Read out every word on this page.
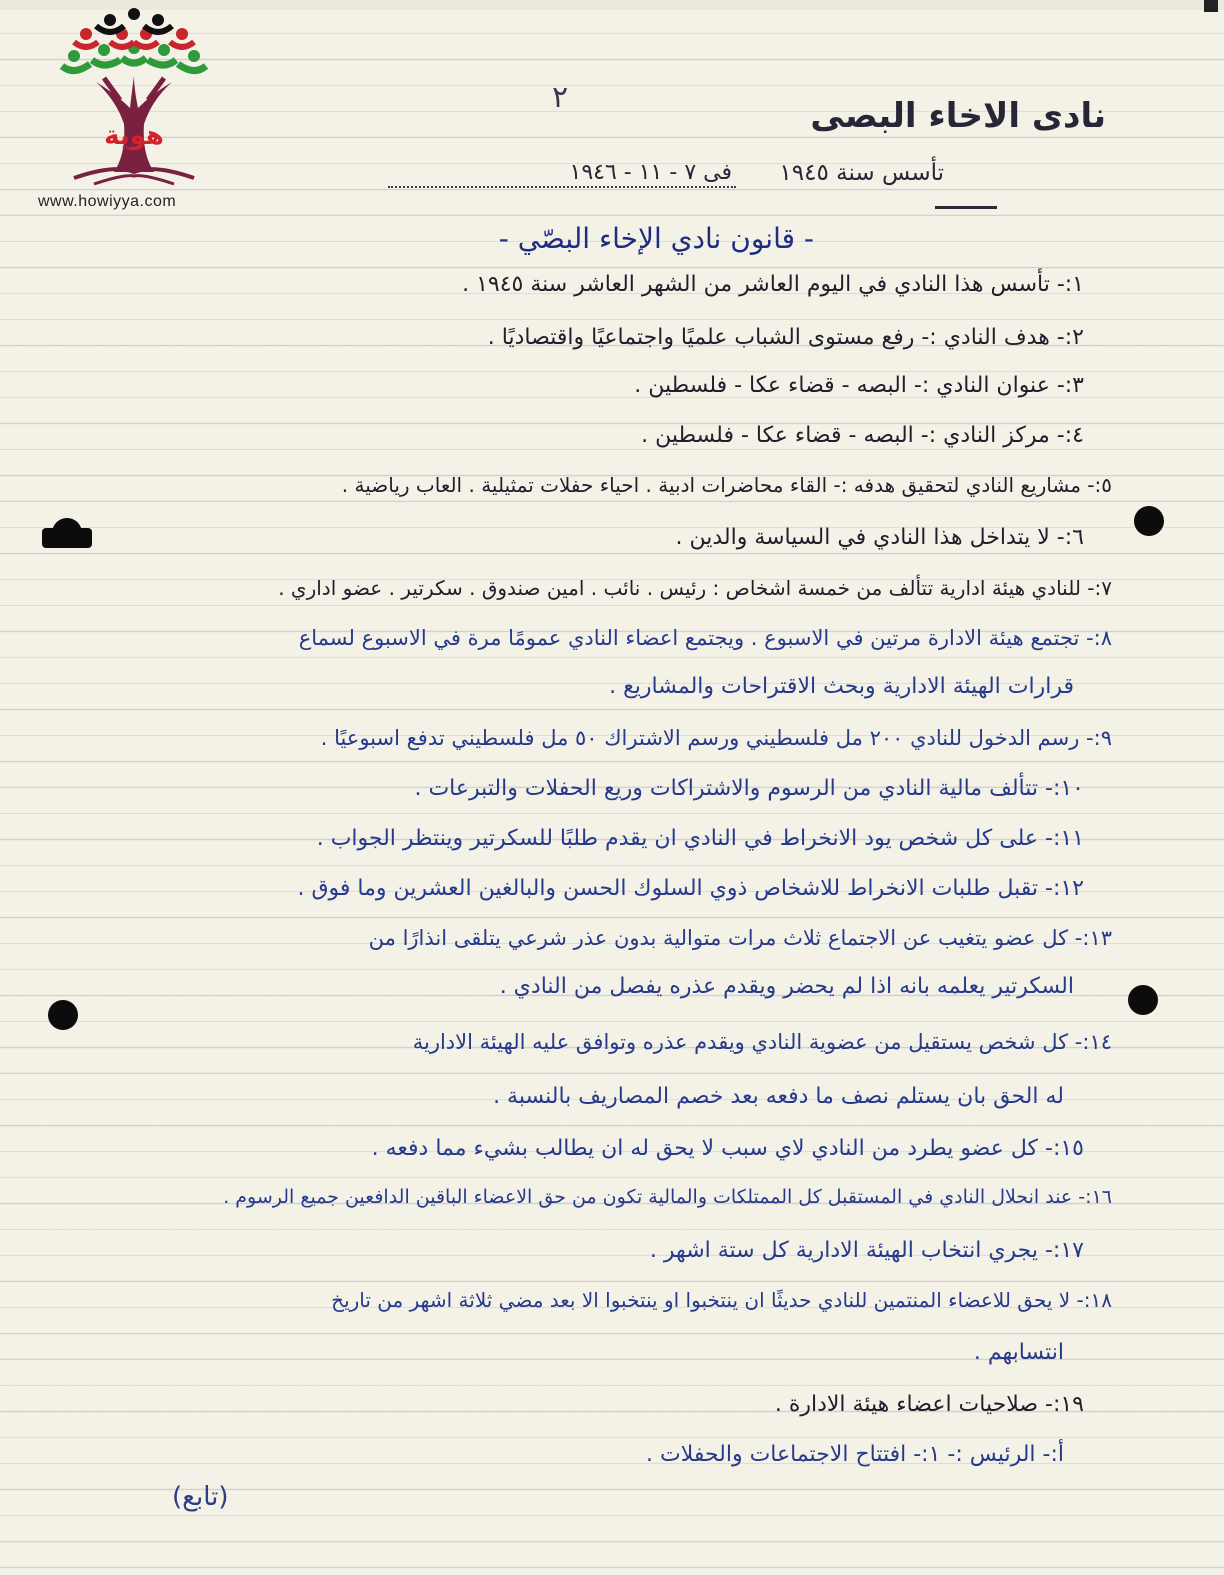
هوية
www.howiyya.com
٢	نادى الاخاء البصى
تأسس سنة ١٩٤٥
فى ٧ - ١١ - ١٩٤٦
- قانون نادي الإخاء البصّي -
١:- تأسس هذا النادي في اليوم العاشر من الشهر العاشر سنة ١٩٤٥ .
٢:- هدف النادي :- رفع مستوى الشباب علميًا واجتماعيًا واقتصاديًا .
٣:- عنوان النادي :- البصه - قضاء عكا - فلسطين .
٤:- مركز النادي :- البصه - قضاء عكا - فلسطين .
٥:- مشاريع النادي لتحقيق هدفه :- القاء محاضرات ادبية . احياء حفلات تمثيلية . العاب رياضية .
٦:- لا يتداخل هذا النادي في السياسة والدين .
٧:- للنادي هيئة ادارية تتألف من خمسة اشخاص : رئيس . نائب . امين صندوق . سكرتير . عضو اداري .
٨:- تجتمع هيئة الادارة مرتين في الاسبوع . ويجتمع اعضاء النادي عمومًا مرة في الاسبوع لسماع
قرارات الهيئة الادارية وبحث الاقتراحات والمشاريع .
٩:- رسم الدخول للنادي ٢٠٠ مل فلسطيني ورسم الاشتراك ٥٠ مل فلسطيني تدفع اسبوعيًا .
١٠:- تتألف مالية النادي من الرسوم والاشتراكات وريع الحفلات والتبرعات .
١١:- على كل شخص يود الانخراط في النادي ان يقدم طلبًا للسكرتير وينتظر الجواب .
١٢:- تقبل طلبات الانخراط للاشخاص ذوي السلوك الحسن والبالغين العشرين وما فوق .
١٣:- كل عضو يتغيب عن الاجتماع ثلاث مرات متوالية بدون عذر شرعي يتلقى انذارًا من
السكرتير يعلمه بانه اذا لم يحضر ويقدم عذره يفصل من النادي .
١٤:- كل شخص يستقيل من عضوية النادي ويقدم عذره وتوافق عليه الهيئة الادارية
له الحق بان يستلم نصف ما دفعه بعد خصم المصاريف بالنسبة .
١٥:- كل عضو يطرد من النادي لاي سبب لا يحق له ان يطالب بشيء مما دفعه .
١٦:- عند انحلال النادي في المستقبل كل الممتلكات والمالية تكون من حق الاعضاء الباقين الدافعين جميع الرسوم .
١٧:- يجري انتخاب الهيئة الادارية كل ستة اشهر .
١٨:- لا يحق للاعضاء المنتمين للنادي حديثًا ان ينتخبوا او ينتخبوا الا بعد مضي ثلاثة اشهر من تاريخ
انتسابهم .
١٩:- صلاحيات اعضاء هيئة الادارة .
أ:- الرئيس :- ١:- افتتاح الاجتماعات والحفلات .
(تابع)
